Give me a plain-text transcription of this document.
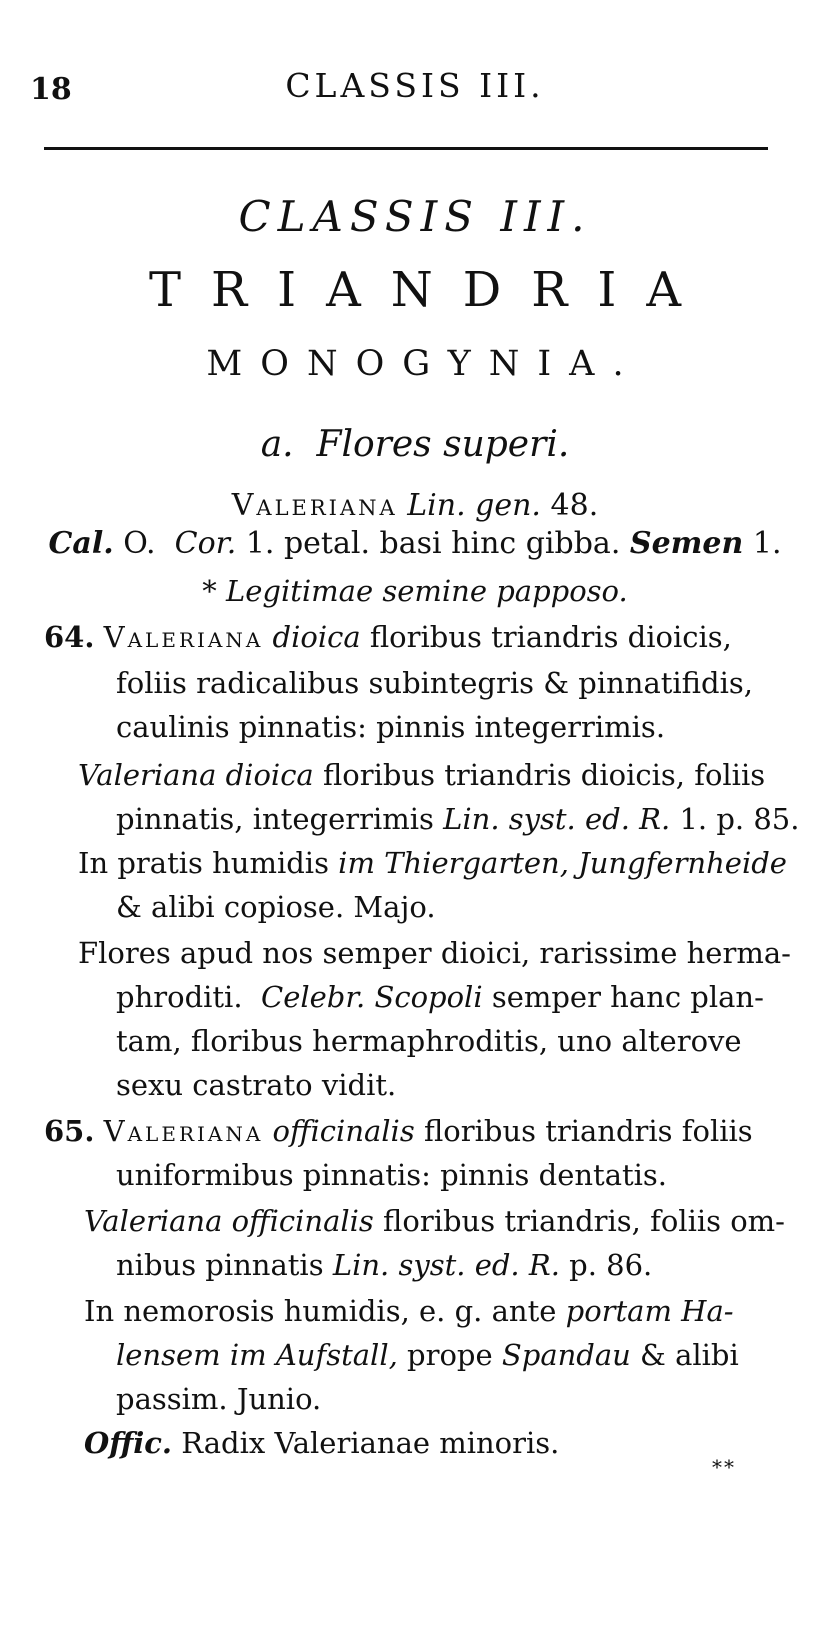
18	CLASSIS III.
CLASSIS III.
TRIANDRIA
MONOGYNIA.
a. Flores superi.
Valeriana Lin. gen. 48.
Cal. O. Cor. 1. petal. basi hinc gibba. Semen 1.
* Legitimae semine papposo.
64. Valeriana dioica floribus triandris dioicis,
foliis radicalibus subintegris & pinnatifidis,
caulinis pinnatis: pinnis integerrimis.
Valeriana dioica floribus triandris dioicis, foliis
pinnatis, integerrimis Lin. syst. ed. R. 1. p. 85.
In pratis humidis im Thiergarten, Jungfernheide
& alibi copiose. Majo.
Flores apud nos semper dioici, rarissime herma-
phroditi. Celebr. Scopoli semper hanc plan-
tam, floribus hermaphroditis, uno alterove
sexu castrato vidit.
65. Valeriana officinalis floribus triandris foliis
uniformibus pinnatis: pinnis dentatis.
Valeriana officinalis floribus triandris, foliis om-
nibus pinnatis Lin. syst. ed. R. p. 86.
In nemorosis humidis, e. g. ante portam Ha-
lensem im Aufstall, prope Spandau & alibi
passim. Junio.
Offic. Radix Valerianae minoris.
**
